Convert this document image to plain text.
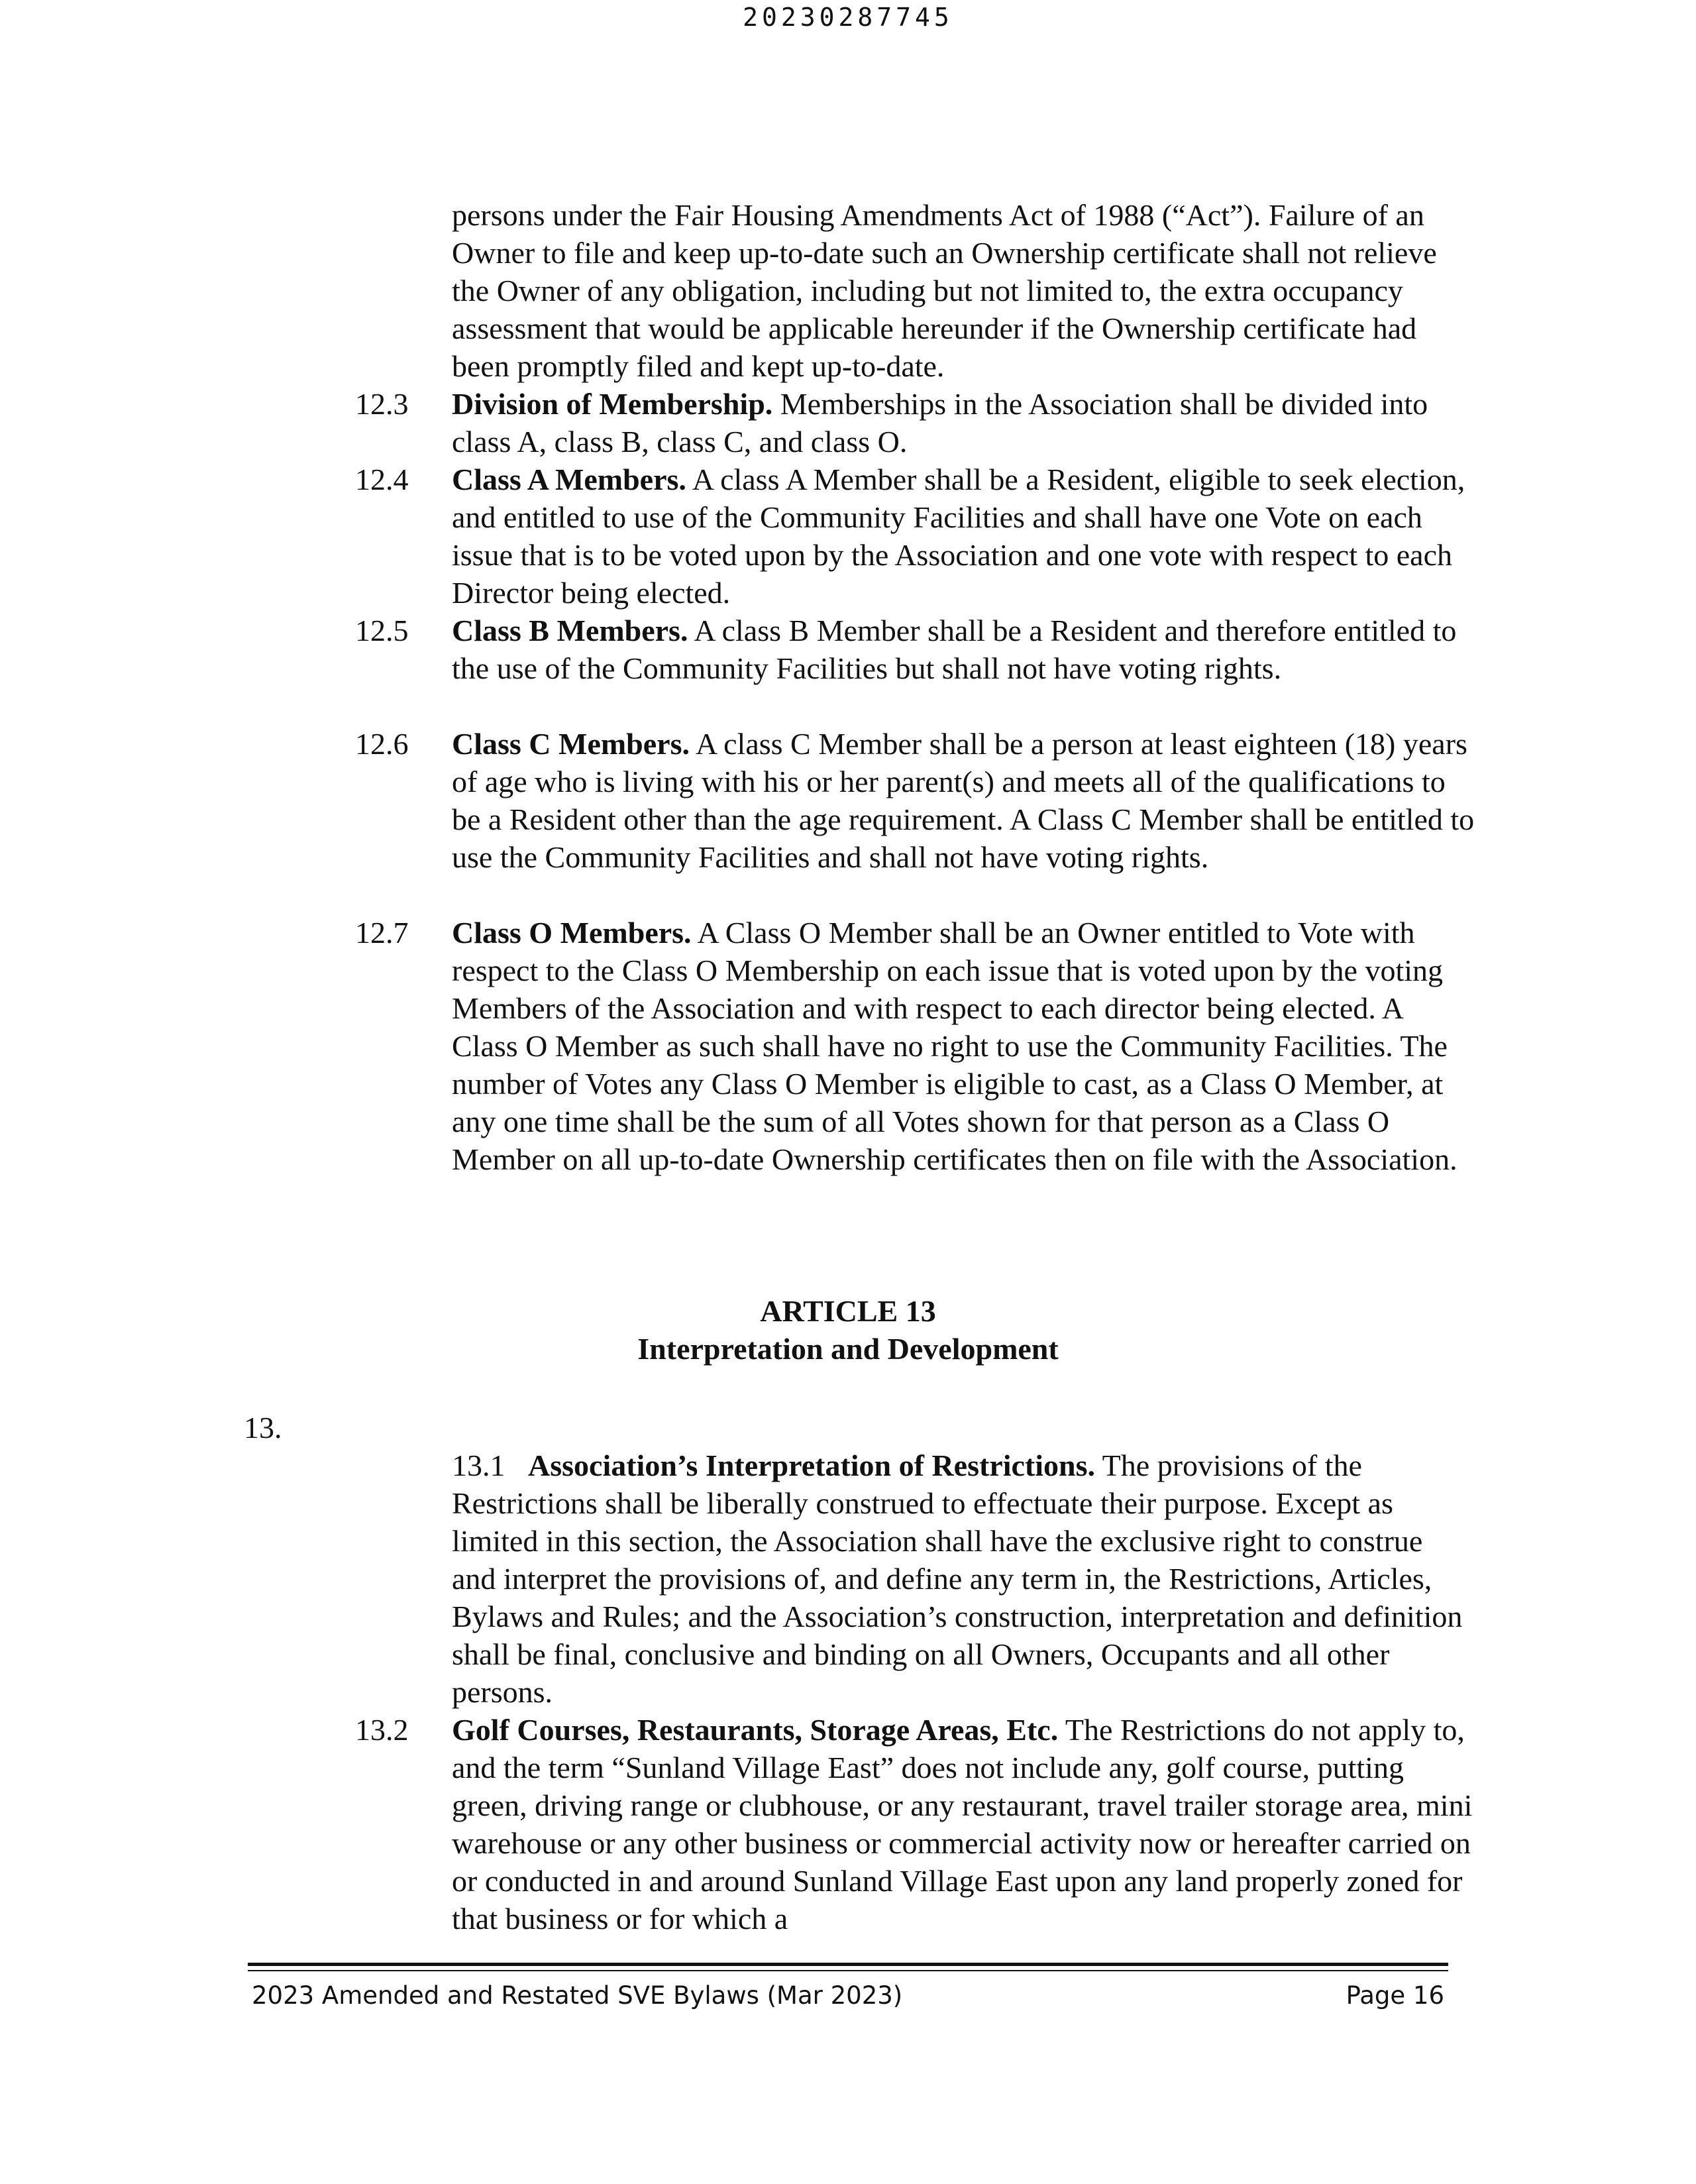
20230287745
persons under the Fair Housing Amendments Act of 1988 (“Act”). Failure of an Owner to file and keep up-to-date such an Ownership certificate shall not relieve the Owner of any obligation, including but not limited to, the extra occupancy assessment that would be applicable hereunder if the Ownership certificate had been promptly filed and kept up-to-date.
12.3	Division of Membership. Memberships in the Association shall be divided into class A, class B, class C, and class O.
12.4	Class A Members. A class A Member shall be a Resident, eligible to seek election, and entitled to use of the Community Facilities and shall have one Vote on each issue that is to be voted upon by the Association and one vote with respect to each Director being elected.
12.5	Class B Members. A class B Member shall be a Resident and therefore entitled to the use of the Community Facilities but shall not have voting rights.
12.6	Class C Members. A class C Member shall be a person at least eighteen (18) years of age who is living with his or her parent(s) and meets all of the qualifications to be a Resident other than the age requirement. A Class C Member shall be entitled to use the Community Facilities and shall not have voting rights.
12.7	Class O Members. A Class O Member shall be an Owner entitled to Vote with respect to the Class O Membership on each issue that is voted upon by the voting Members of the Association and with respect to each director being elected. A Class O Member as such shall have no right to use the Community Facilities. The number of Votes any Class O Member is eligible to cast, as a Class O Member, at any one time shall be the sum of all Votes shown for that person as a Class O Member on all up-to-date Ownership certificates then on file with the Association.
ARTICLE 13
Interpretation and Development
13.
13.1 Association’s Interpretation of Restrictions. The provisions of the Restrictions shall be liberally construed to effectuate their purpose. Except as limited in this section, the Association shall have the exclusive right to construe and interpret the provisions of, and define any term in, the Restrictions, Articles, Bylaws and Rules; and the Association’s construction, interpretation and definition shall be final, conclusive and binding on all Owners, Occupants and all other persons.
13.2	Golf Courses, Restaurants, Storage Areas, Etc. The Restrictions do not apply to, and the term “Sunland Village East” does not include any, golf course, putting green, driving range or clubhouse, or any restaurant, travel trailer storage area, mini warehouse or any other business or commercial activity now or hereafter carried on or conducted in and around Sunland Village East upon any land properly zoned for that business or for which a
2023 Amended and Restated SVE Bylaws (Mar 2023)	Page 16
